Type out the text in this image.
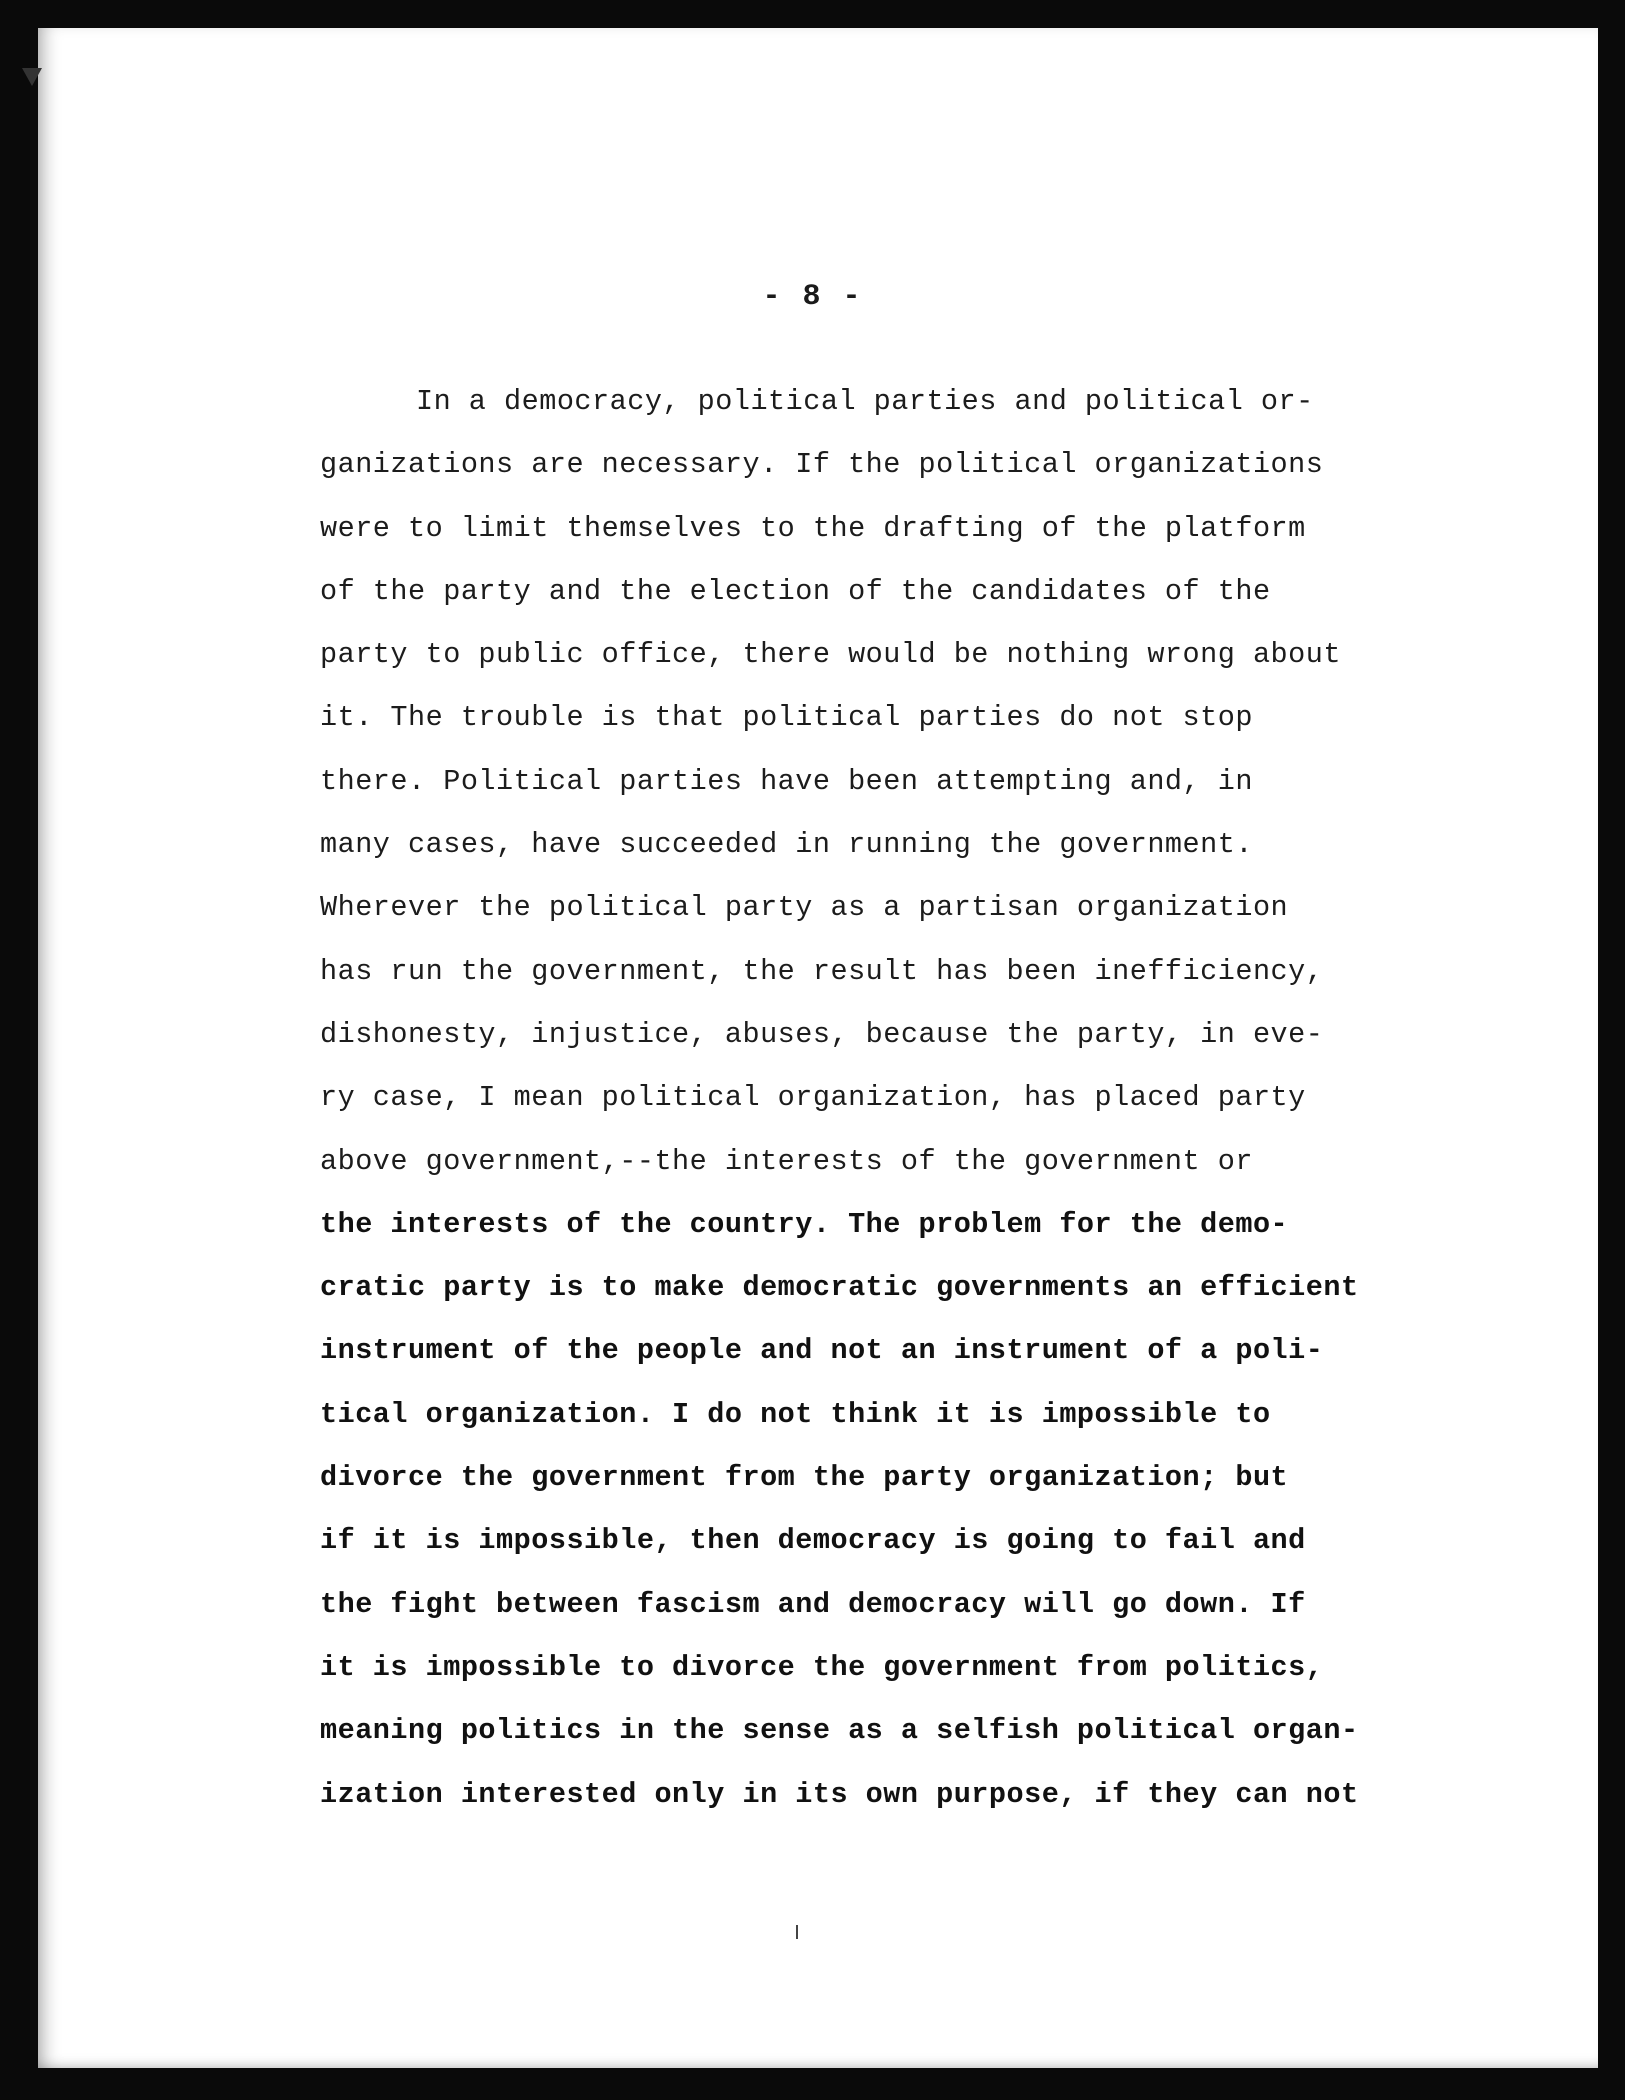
- 8 -
In a democracy, political parties and political or-
ganizations are necessary. If the political organizations
were to limit themselves to the drafting of the platform
of the party and the election of the candidates of the
party to public office, there would be nothing wrong about
it. The trouble is that political parties do not stop
there. Political parties have been attempting and, in
many cases, have succeeded in running the government.
Wherever the political party as a partisan organization
has run the government, the result has been inefficiency,
dishonesty, injustice, abuses, because the party, in eve-
ry case, I mean political organization, has placed party
above government,--the interests of the government or
the interests of the country. The problem for the demo-
cratic party is to make democratic governments an efficient
instrument of the people and not an instrument of a poli-
tical organization. I do not think it is impossible to
divorce the government from the party organization; but
if it is impossible, then democracy is going to fail and
the fight between fascism and democracy will go down. If
it is impossible to divorce the government from politics,
meaning politics in the sense as a selfish political organ-
ization interested only in its own purpose, if they can not
